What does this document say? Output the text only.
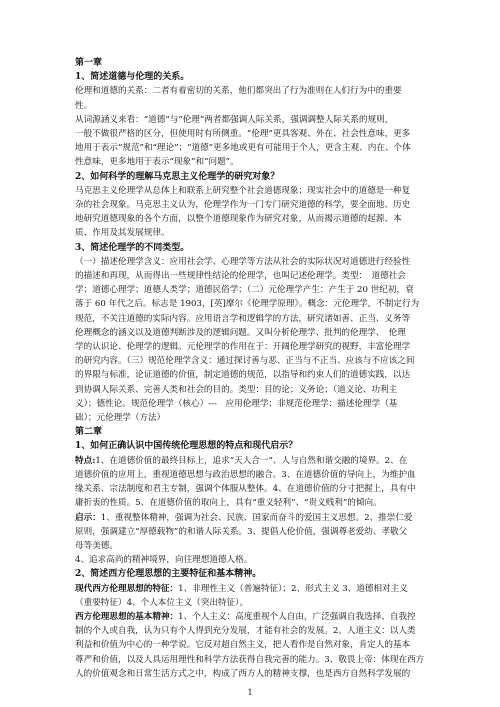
第一章
1、简述道德与伦理的关系。
伦理和道德的关系：二者有着密切的关系，他们都突出了行为准则在人们行为中的重要
性。
从词源涵义来看：“道德”与“伦理”两者都强调人际关系，强调调整人际关系的规则，
一般不做很严格的区分，但使用时有所侧重。“伦理”更具客观、外在、社会性意味，更多
地用于表示“规范”和“理论”；“道德”更多地或更有可能用于个人，更含主观、内在、个体
性意味，更多地用于表示“现象”和“问题”。
2、如何科学的理解马克思主义伦理学的研究对象？
马克思主义伦理学从总体上和联系上研究整个社会道德现象；现实社会中的道德是一种复
杂的社会现象。马克思主义认为，伦理学作为一门专门研究道德的科学，要全面地、历史
地研究道德现象的各个方面，以整个道德现象作为研究对象，从而揭示道德的起源、本
质、作用及其发展规律。
3、简述伦理学的不同类型。
（一）描述伦理学含义：应用社会学、心理学等方法从社会的实际状况对道德进行经验性
的描述和再现，从而得出一些规律性结论的伦理学，也叫记述伦理学。类型：　道德社会
学；道德心理学；道德人类学；道德民俗学；（二）元伦理学产生：产生于 20 世纪初，衰
落于 60 年代之后。标志是 1903，[英]摩尔《伦理学原理》。概念：元伦理学，不制定行为
规范，不关注道德的实际内容。应用语言学和逻辑学的方法，研究诸如善、正当、义务等
伦理概念的涵义以及道德判断涉及的逻辑问题。又叫分析伦理学、批判的伦理学、　伦理
学的认识论、伦理学的逻辑。元伦理学的作用在于：开阔伦理学研究的视野，丰富伦理学
的研究内容。（三）规范伦理学含义：通过探讨善与恶、正当与不正当、应该与不应该之间
的界限与标准，论证道德的价值，制定道德的规范，以指导和约束人们的道德实践，以达
到协调人际关系、完善人类和社会的目的。类型：目的论；义务论；（道义论、功利主
义）；德性论。规范伦理学（核心）---　应用伦理学；非规范伦理学：描述伦理学（基
础）；元伦理学（方法）
第二章
1、如何正确认识中国传统伦理思想的特点和现代启示？
特点:1、在道德价值的最终目标上，追求“天人合一”、人与自然和谐交融的境界。2、在
道德价值的应用上，重视道德思想与政治思想的融合。3、在道德价值的导向上，为维护血
缘关系、宗法制度和君主专制，强调个体服从整体。4、在道德价值的分寸把握上，具有中
庸折衷的性质。5、在道德价值的取向上，具有“重义轻利”、“贵义贱利”的倾向。
启示：1、重视整体精神，强调为社会、民族、国家而奋斗的爱国主义思想。2、推崇仁爱
原则，强调建立“厚德载物”的和谐人际关系。3、提倡人伦价值，强调尊老爱幼、孝敬父
母等美德。
4、追求高尚的精神境界，向往理想道德人格。
2、简述西方伦理思想的主要特征和基本精神。
现代西方伦理思想的特征：1、非理性主义（普遍特征）；2、形式主义 3、道德相对主义
（重要特征）4、个人本位主义（突出特征）。
西方伦理思想的基本精神：1、个人主义：高度重视个人自由，广泛强调自我选择、自我控
制的个人或自我，认为只有个人得到充分发展，才能有社会的发展。2、人道主义：以人类
利益和价值为中心的一种学说。它反对超自然主义，把人看作是自然对象，肯定人的基本
尊严和价值，以及人具运用理性和科学方法获得自我完善的能力。3、敬畏上帝：体现在西方
人的价值观念和日常生活方式之中，构成了西方人的精神支撑，也是西方自然科学发展的
1
